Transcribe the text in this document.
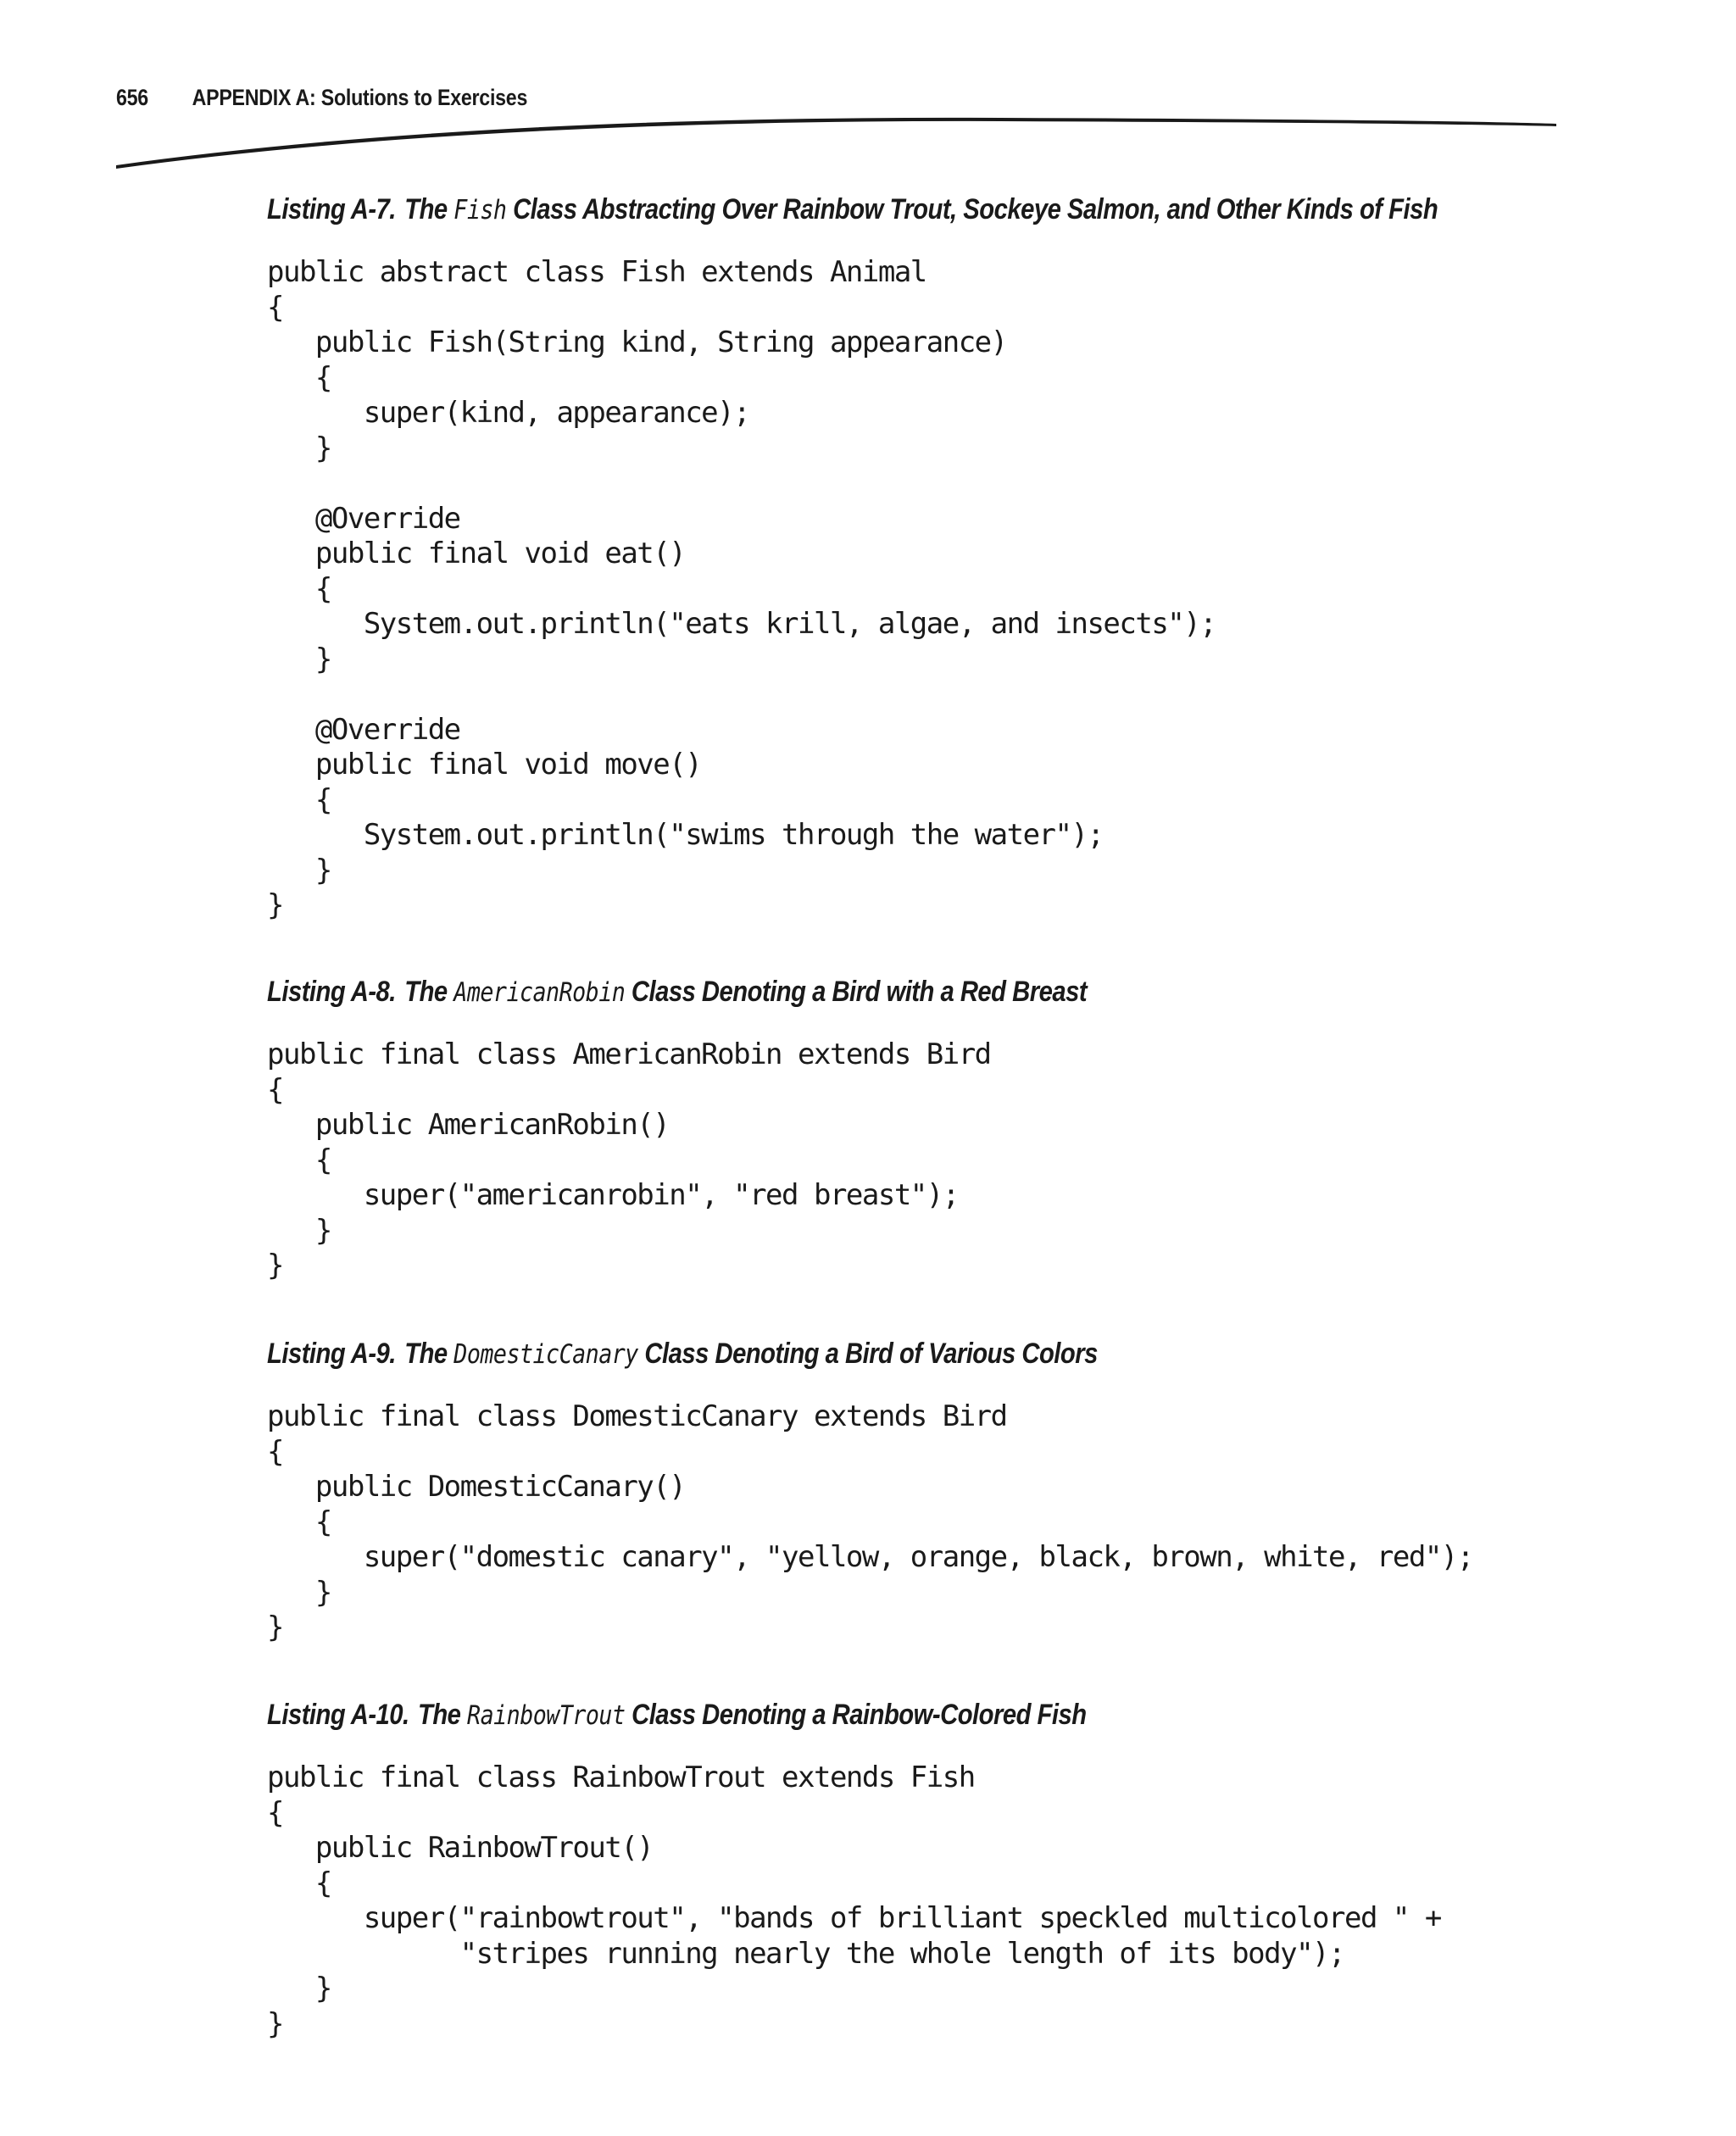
656 APPENDIX A: Solutions to Exercises
Listing A-7. The Fish Class Abstracting Over Rainbow Trout, Sockeye Salmon, and Other Kinds of Fish
public abstract class Fish extends Animal
{
public Fish(String kind, String appearance)
{
super(kind, appearance);
}

@Override
public final void eat()
{
System.out.println("eats krill, algae, and insects");
}

@Override
public final void move()
{
System.out.println("swims through the water");
}
}
Listing A-8. The AmericanRobin Class Denoting a Bird with a Red Breast
public final class AmericanRobin extends Bird
{
public AmericanRobin()
{
super("americanrobin", "red breast");
}
}
Listing A-9. The DomesticCanary Class Denoting a Bird of Various Colors
public final class DomesticCanary extends Bird
{
public DomesticCanary()
{
super("domestic canary", "yellow, orange, black, brown, white, red");
}
}
Listing A-10. The RainbowTrout Class Denoting a Rainbow-Colored Fish
public final class RainbowTrout extends Fish
{
public RainbowTrout()
{
super("rainbowtrout", "bands of brilliant speckled multicolored " +
"stripes running nearly the whole length of its body");
}
}
